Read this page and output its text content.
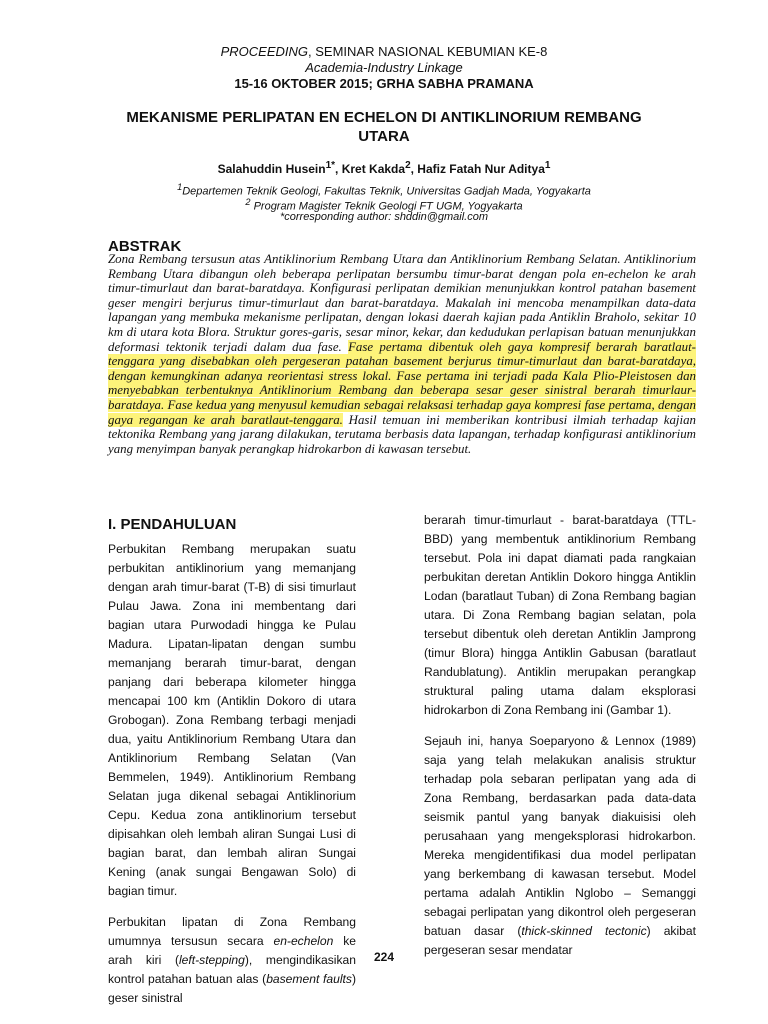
PROCEEDING, SEMINAR NASIONAL KEBUMIAN KE-8
Academia-Industry Linkage
15-16 OKTOBER 2015; GRHA SABHA PRAMANA
MEKANISME PERLIPATAN EN ECHELON DI ANTIKLINORIUM REMBANG UTARA
Salahuddin Husein$^{1*}$, Kret Kakda$^2$, Hafiz Fatah Nur Aditya$^1$
$^1$Departemen Teknik Geologi, Fakultas Teknik, Universitas Gadjah Mada, Yogyakarta
$^2$ Program Magister Teknik Geologi FT UGM, Yogyakarta
*corresponding author: shddin@gmail.com
ABSTRAK

Zona Rembang tersusun atas Antiklinorium Rembang Utara dan Antiklinorium Rembang Selatan. Antiklinorium Rembang Utara dibangun oleh beberapa perlipatan bersumbu timur-barat dengan pola en-echelon ke arah timur-timurlaut dan barat-baratdaya. Konfigurasi perlipatan demikian menunjukkan kontrol patahan basement geser mengiri berjurus timur-timurlaut dan barat-baratdaya. Makalah ini mencoba menampilkan data-data lapangan yang membuka mekanisme perlipatan, dengan lokasi daerah kajian pada Antiklin Braholo, sekitar 10 km di utara kota Blora. Struktur gores-garis, sesar minor, kekar, dan kedudukan perlapisan batuan menunjukkan deformasi tektonik terjadi dalam dua fase. Fase pertama dibentuk oleh gaya kompresif berarah baratlaut-tenggara yang disebabkan oleh pergeseran patahan basement berjurus timur-timurlaut dan barat-baratdaya, dengan kemungkinan adanya reorientasi stress lokal. Fase pertama ini terjadi pada Kala Plio-Pleistosen dan menyebabkan terbentuknya Antiklinorium Rembang dan beberapa sesar geser sinistral berarah timurlaur-baratdaya. Fase kedua yang menyusul kemudian sebagai relaksasi terhadap gaya kompresi fase pertama, dengan gaya regangan ke arah baratlaut-tenggara. Hasil temuan ini memberikan kontribusi ilmiah terhadap kajian tektonika Rembang yang jarang dilakukan, terutama berbasis data lapangan, terhadap konfigurasi antiklinorium yang menyimpan banyak perangkap hidrokarbon di kawasan tersebut.

I. PENDAHULUAN

Perbukitan Rembang merupakan suatu perbukitan antiklinorium yang memanjang dengan arah timur-barat (T-B) di sisi timurlaut Pulau Jawa. Zona ini membentang dari bagian utara Purwodadi hingga ke Pulau Madura. Lipatan-lipatan dengan sumbu memanjang berarah timur-barat, dengan panjang dari beberapa kilometer hingga mencapai 100 km (Antiklin Dokoro di utara Grobogan). Zona Rembang terbagi menjadi dua, yaitu Antiklinorium Rembang Utara dan Antiklinorium Rembang Selatan (Van Bemmelen, 1949). Antiklinorium Rembang Selatan juga dikenal sebagai Antiklinorium Cepu. Kedua zona antiklinorium tersebut dipisahkan oleh lembah aliran Sungai Lusi di bagian barat, dan lembah aliran Sungai Kening (anak sungai Bengawan Solo) di bagian timur.

Perbukitan lipatan di Zona Rembang umumnya tersusun secara en-echelon ke arah kiri (left-stepping), mengindikasikan kontrol patahan batuan alas (basement faults) geser sinistral

berarah timur-timurlaut - barat-baratdaya (TTL-BBD) yang membentuk antiklinorium Rembang tersebut. Pola ini dapat diamati pada rangkaian perbukitan deretan Antiklin Dokoro hingga Antiklin Lodan (baratlaut Tuban) di Zona Rembang bagian utara. Di Zona Rembang bagian selatan, pola tersebut dibentuk oleh deretan Antiklin Jamprong (timur Blora) hingga Antiklin Gabusan (baratlaut Randublatung). Antiklin merupakan perangkap struktural paling utama dalam eksplorasi hidrokarbon di Zona Rembang ini (Gambar 1).

Sejauh ini, hanya Soeparyono & Lennox (1989) saja yang telah melakukan analisis struktur terhadap pola sebaran perlipatan yang ada di Zona Rembang, berdasarkan pada data-data seismik pantul yang banyak diakuisisi oleh perusahaan yang mengeksplorasi hidrokarbon. Mereka mengidentifikasi dua model perlipatan yang berkembang di kawasan tersebut. Model pertama adalah Antiklin Nglobo – Semanggi sebagai perlipatan yang dikontrol oleh pergeseran batuan dasar (thick-skinned tectonic) akibat pergeseran sesar mendatar

224
